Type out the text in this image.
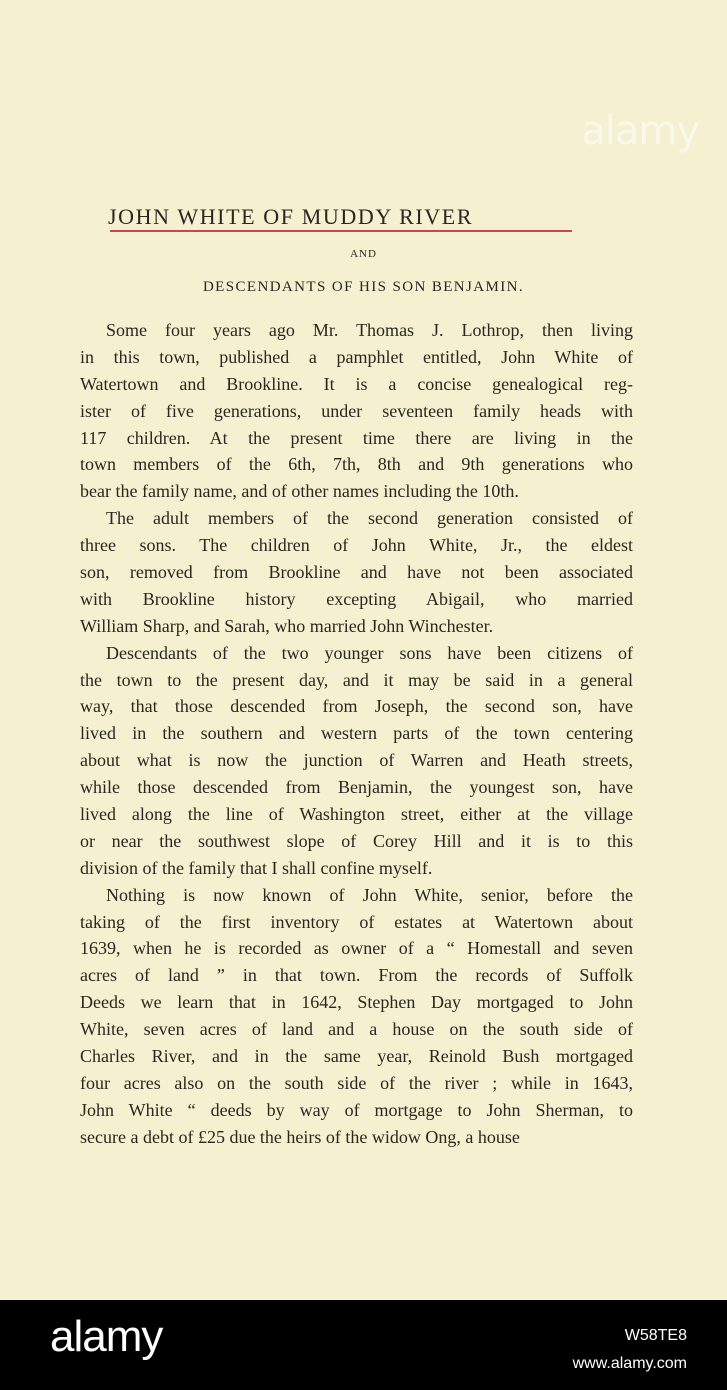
alamy
JOHN WHITE OF MUDDY RIVER
AND
DESCENDANTS OF HIS SON BENJAMIN.
Some four years ago Mr. Thomas J. Lothrop, then living
in this town, published a pamphlet entitled, John White of
Watertown and Brookline. It is a concise genealogical reg-
ister of five generations, under seventeen family heads with
117 children. At the present time there are living in the
town members of the 6th, 7th, 8th and 9th generations who
bear the family name, and of other names including the 10th.
The adult members of the second generation consisted of
three sons. The children of John White, Jr., the eldest
son, removed from Brookline and have not been associated
with Brookline history excepting Abigail, who married
William Sharp, and Sarah, who married John Winchester.
Descendants of the two younger sons have been citizens of
the town to the present day, and it may be said in a general
way, that those descended from Joseph, the second son, have
lived in the southern and western parts of the town centering
about what is now the junction of Warren and Heath streets,
while those descended from Benjamin, the youngest son, have
lived along the line of Washington street, either at the village
or near the southwest slope of Corey Hill and it is to this
division of the family that I shall confine myself.
Nothing is now known of John White, senior, before the
taking of the first inventory of estates at Watertown about
1639, when he is recorded as owner of a “ Homestall and seven
acres of land ” in that town. From the records of Suffolk
Deeds we learn that in 1642, Stephen Day mortgaged to John
White, seven acres of land and a house on the south side of
Charles River, and in the same year, Reinold Bush mortgaged
four acres also on the south side of the river ; while in 1643,
John White “ deeds by way of mortgage to John Sherman, to
secure a debt of £25 due the heirs of the widow Ong, a house
alamy	W58TE8
www.alamy.com
